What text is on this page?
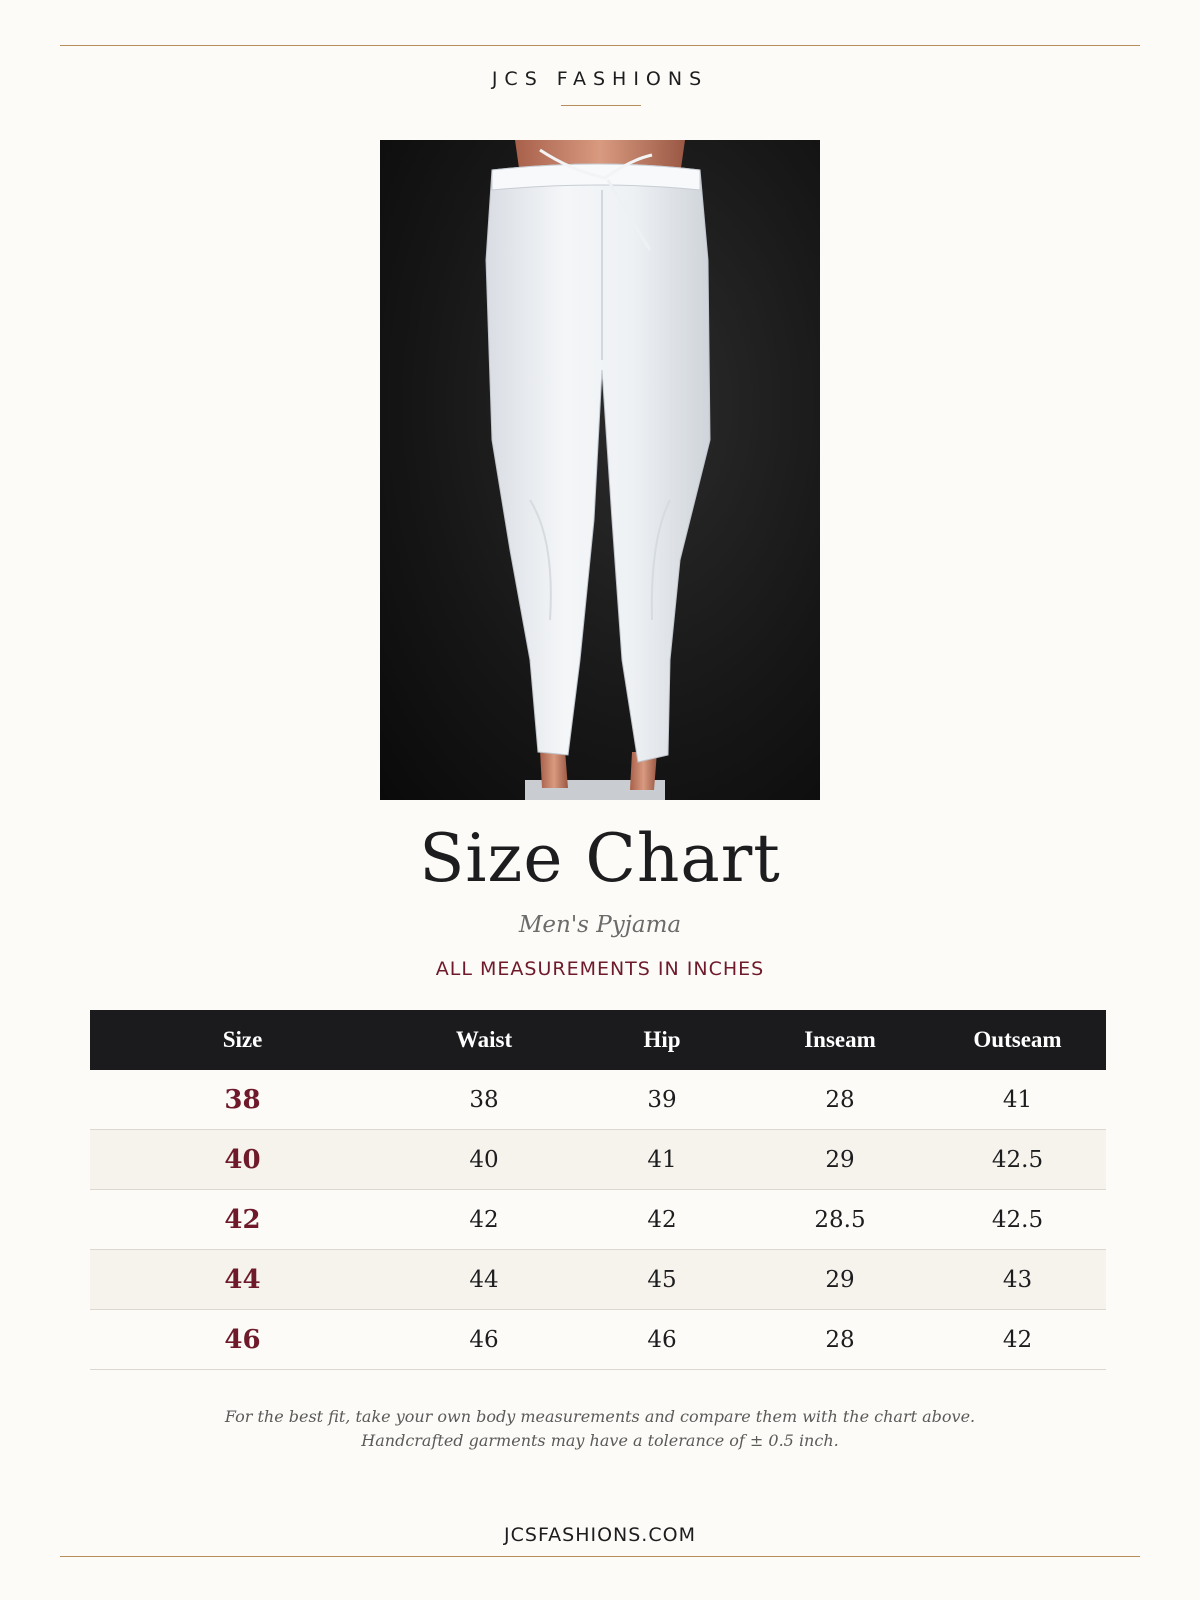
JCS FASHIONS
Size Chart
Men's Pyjama
ALL MEASUREMENTS IN INCHES
Size	Waist	Hip	Inseam	Outseam
38	38	39	28	41
40	40	41	29	42.5
42	42	42	28.5	42.5
44	44	45	29	43
46	46	46	28	42
For the best fit, take your own body measurements and compare them with the chart above.
Handcrafted garments may have a tolerance of ± 0.5 inch.
JCSFASHIONS.COM
